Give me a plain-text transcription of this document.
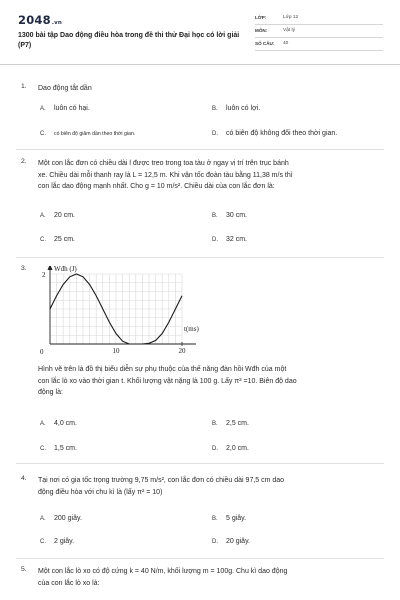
2048.vn
1300 bài tập Dao động điều hòa trong đề thi thử Đại học có lời giải (P7)
LỚP:	Lớp 12
MÔN:	Vật lý
SỐ CÂU: 40
1. Dao động tắt dần
A. luôn có hại.	B. luôn có lợi.
C. có biên độ giảm dần theo thời gian.	D. có biên độ không đổi theo thời gian.
2. Một con lắc đơn có chiều dài l được treo trong toa tàu ở ngay vị trí trên trục bánh
xe. Chiều dài mỗi thanh ray là L = 12,5 m. Khi vận tốc đoàn tàu bằng 11,38 m/s thì
con lắc dao động mạnh nhất. Cho g = 10 m/s². Chiều dài của con lắc đơn là:
A. 20 cm.	B. 30 cm.
C. 25 cm.	D. 32 cm.
3.	Wđh (J)
t(ms)
2
0	10	20
Hình vẽ trên là đồ thị biểu diễn sự phụ thuộc của thế năng đàn hồi Wđh của một
con lắc lò xo vào thời gian t. Khối lượng vật nặng là 100 g. Lấy π² =10. Biên độ dao
động là:
A. 4,0 cm.	B. 2,5 cm.
C. 1,5 cm.	D. 2,0 cm.
4. Tại nơi có gia tốc trọng trường 9,75 m/s², con lắc đơn có chiều dài 97,5 cm dao
động điều hòa với chu kì là (lấy π² = 10)
A. 200 giây.	B. 5 giây.
C. 2 giây.	D. 20 giây.
5. Một con lắc lò xo có độ cứng k = 40 N/m, khối lượng m = 100g. Chu kì dao động
của con lắc lò xo là:
